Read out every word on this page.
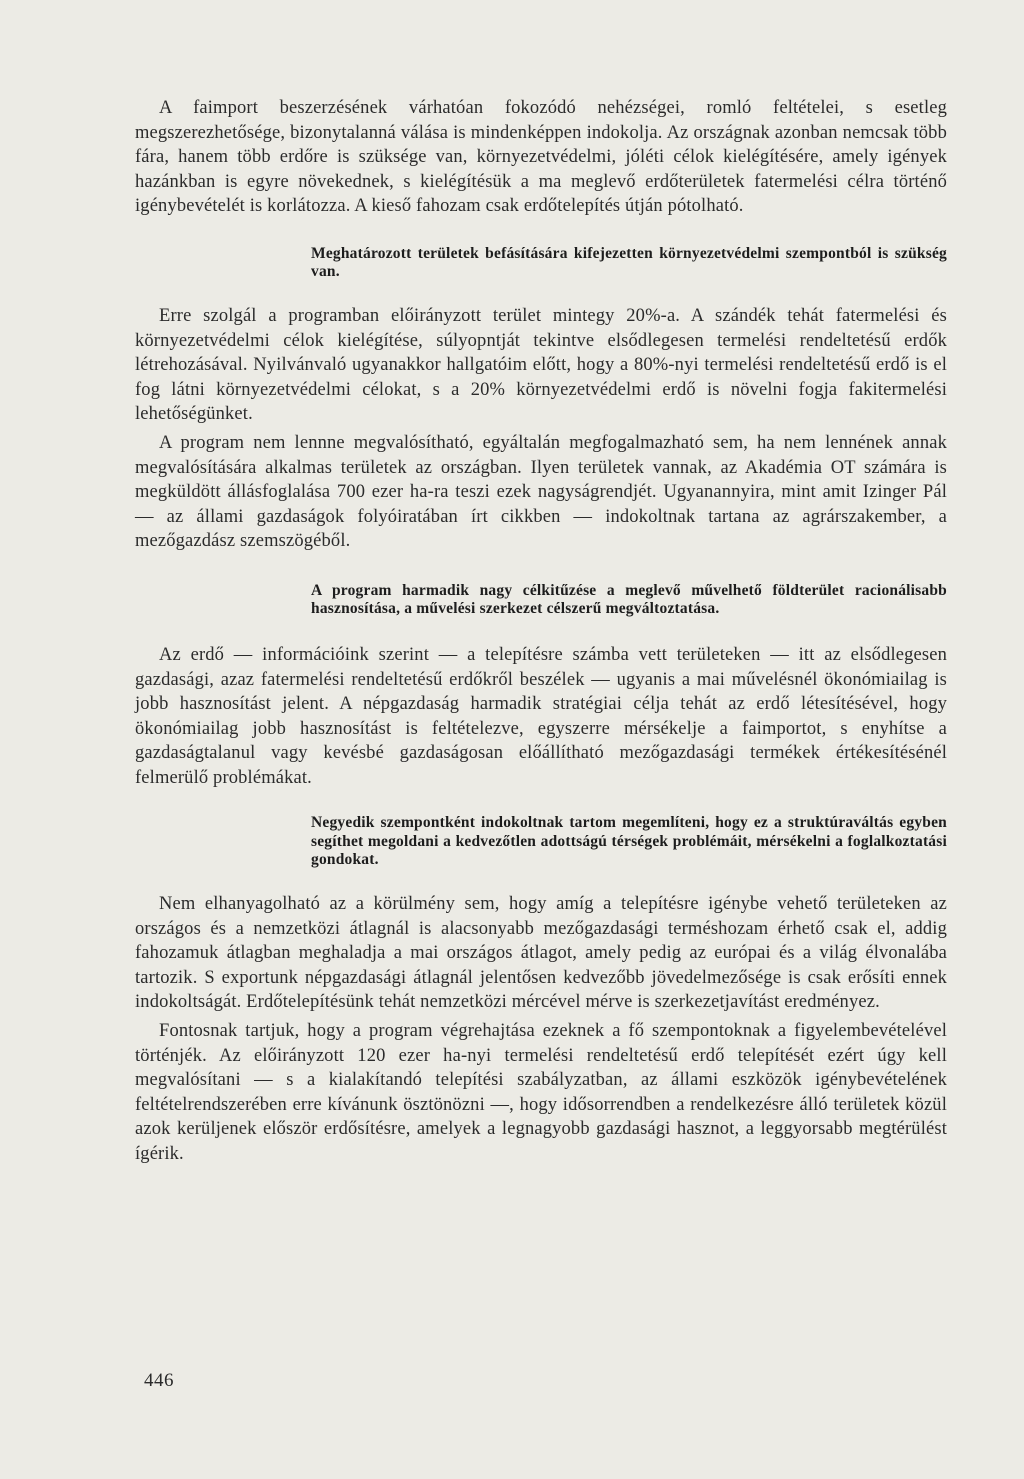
A faimport beszerzésének várhatóan fokozódó nehézségei, romló feltételei, s esetleg megszerezhetősége, bizonytalanná válása is mindenképpen indokolja. Az országnak azonban nemcsak több fára, hanem több erdőre is szüksége van, környezetvédelmi, jóléti célok kielégítésére, amely igények hazánkban is egyre növekednek, s kielégítésük a ma meglevő erdőterületek fatermelési célra történő igénybevételét is korlátozza. A kieső fahozam csak erdőtelepítés útján pótolható.

Meghatározott területek befásítására kifejezetten környezetvédelmi szempontból is szükség van.

Erre szolgál a programban előirányzott terület mintegy 20%-a. A szándék tehát fatermelési és környezetvédelmi célok kielégítése, súlyopntját tekintve elsődlegesen termelési rendeltetésű erdők létrehozásával. Nyilvánvaló ugyanakkor hallgatóim előtt, hogy a 80%-nyi termelési rendeltetésű erdő is el fog látni környezetvédelmi célokat, s a 20% környezetvédelmi erdő is növelni fogja fakitermelési lehetőségünket.

A program nem lennne megvalósítható, egyáltalán megfogalmazható sem, ha nem lennének annak megvalósítására alkalmas területek az országban. Ilyen területek vannak, az Akadémia OT számára is megküldött állásfoglalása 700 ezer ha-ra teszi ezek nagyságrendjét. Ugyanannyira, mint amit Izinger Pál — az állami gazdaságok folyóiratában írt cikkben — indokoltnak tartana az agrárszakember, a mezőgazdász szemszögéből.

A program harmadik nagy célkitűzése a meglevő művelhető földterület racionálisabb hasznosítása, a művelési szerkezet célszerű megváltoztatása.

Az erdő — információink szerint — a telepítésre számba vett területeken — itt az elsődlegesen gazdasági, azaz fatermelési rendeltetésű erdőkről beszélek — ugyanis a mai művelésnél ökonómiailag is jobb hasznosítást jelent. A népgazdaság harmadik stratégiai célja tehát az erdő létesítésével, hogy ökonómiailag jobb hasznosítást is feltételezve, egyszerre mérsékelje a faimportot, s enyhítse a gazdaságtalanul vagy kevésbé gazdaságosan előállítható mezőgazdasági termékek értékesítésénél felmerülő problémákat.

Negyedik szempontként indokoltnak tartom megemlíteni, hogy ez a struktúraváltás egyben segíthet megoldani a kedvezőtlen adottságú térségek problémáit, mérsékelni a foglalkoztatási gondokat.

Nem elhanyagolható az a körülmény sem, hogy amíg a telepítésre igénybe vehető területeken az országos és a nemzetközi átlagnál is alacsonyabb mezőgazdasági terméshozam érhető csak el, addig fahozamuk átlagban meghaladja a mai országos átlagot, amely pedig az európai és a világ élvonalába tartozik. S exportunk népgazdasági átlagnál jelentősen kedvezőbb jövedelmezősége is csak erősíti ennek indokoltságát. Erdőtelepítésünk tehát nemzetközi mércével mérve is szerkezetjavítást eredményez.

Fontosnak tartjuk, hogy a program végrehajtása ezeknek a fő szempontoknak a figyelembevételével történjék. Az előirányzott 120 ezer ha-nyi termelési rendeltetésű erdő telepítését ezért úgy kell megvalósítani — s a kialakítandó telepítési szabályzatban, az állami eszközök igénybevételének feltételrendszerében erre kívánunk ösztönözni —, hogy idősorrendben a rendelkezésre álló területek közül azok kerüljenek először erdősítésre, amelyek a legnagyobb gazdasági hasznot, a leggyorsabb megtérülést ígérik.

446
